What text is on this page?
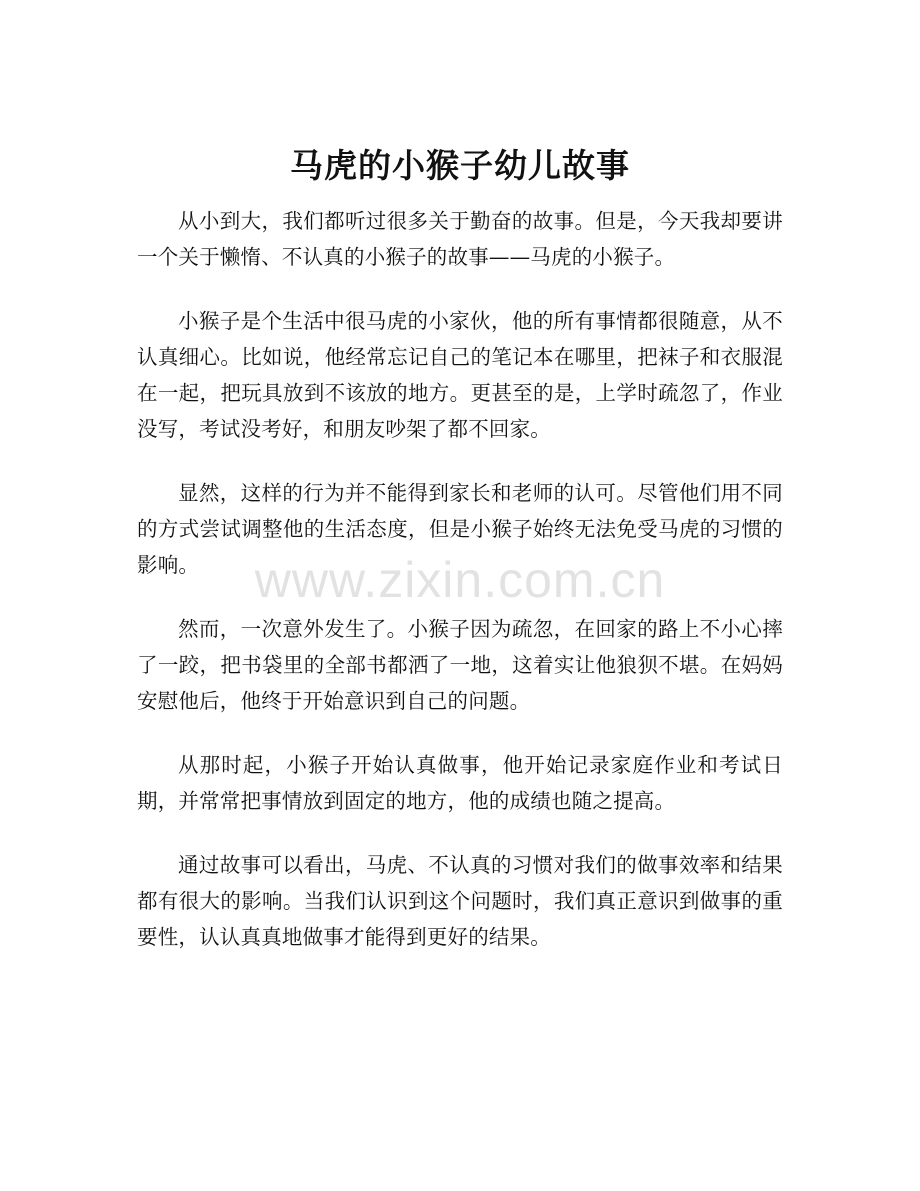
马虎的小猴子幼儿故事

从小到大，我们都听过很多关于勤奋的故事。但是，今天我却要讲一个关于懒惰、不认真的小猴子的故事——马虎的小猴子。

小猴子是个生活中很马虎的小家伙，他的所有事情都很随意，从不认真细心。比如说，他经常忘记自己的笔记本在哪里，把袜子和衣服混在一起，把玩具放到不该放的地方。更甚至的是，上学时疏忽了，作业没写，考试没考好，和朋友吵架了都不回家。

显然，这样的行为并不能得到家长和老师的认可。尽管他们用不同的方式尝试调整他的生活态度，但是小猴子始终无法免受马虎的习惯的影响。

然而，一次意外发生了。小猴子因为疏忽，在回家的路上不小心摔了一跤，把书袋里的全部书都洒了一地，这着实让他狼狈不堪。在妈妈安慰他后，他终于开始意识到自己的问题。

从那时起，小猴子开始认真做事，他开始记录家庭作业和考试日期，并常常把事情放到固定的地方，他的成绩也随之提高。

通过故事可以看出，马虎、不认真的习惯对我们的做事效率和结果都有很大的影响。当我们认识到这个问题时，我们真正意识到做事的重要性，认认真真地做事才能得到更好的结果。

www.zixin.com.cn
